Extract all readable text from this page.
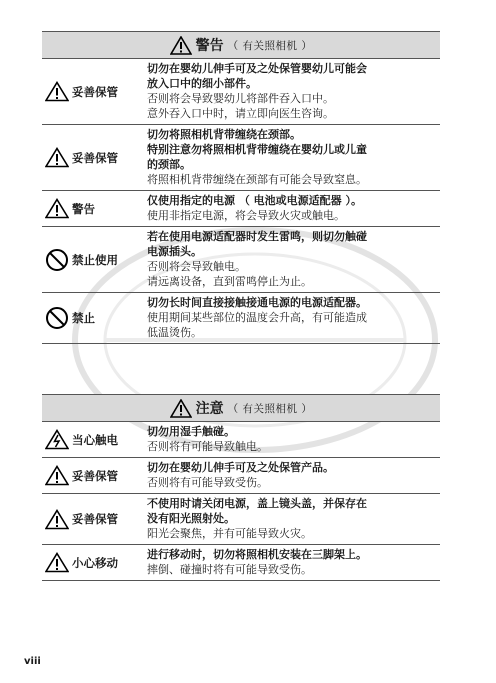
警告 （ 有关照相机 ）
妥善保管
切勿在婴幼儿伸手可及之处保管婴幼儿可能会
放入口中的细小部件。
否则将会导致婴幼儿将部件吞入口中。
意外吞入口中时，请立即向医生咨询。
妥善保管
切勿将照相机背带缠绕在颈部。
特别注意勿将照相机背带缠绕在婴幼儿或儿童
的颈部。
将照相机背带缠绕在颈部有可能会导致窒息。
警告
仅使用指定的电源 （ 电池或电源适配器 ）。
使用非指定电源，将会导致火灾或触电。
禁止使用
若在使用电源适配器时发生雷鸣，则切勿触碰
电源插头。
否则将会导致触电。
请远离设备，直到雷鸣停止为止。
禁止
切勿长时间直接接触接通电源的电源适配器。
使用期间某些部位的温度会升高，有可能造成
低温烫伤。
注意 （ 有关照相机 ）
当心触电
切勿用湿手触碰。
否则将有可能导致触电。
妥善保管
切勿在婴幼儿伸手可及之处保管产品。
否则将有可能导致受伤。
妥善保管
不使用时请关闭电源，盖上镜头盖，并保存在
没有阳光照射处。
阳光会聚焦，并有可能导致火灾。
小心移动
进行移动时，切勿将照相机安装在三脚架上。
摔倒、碰撞时将有可能导致受伤。
viii
